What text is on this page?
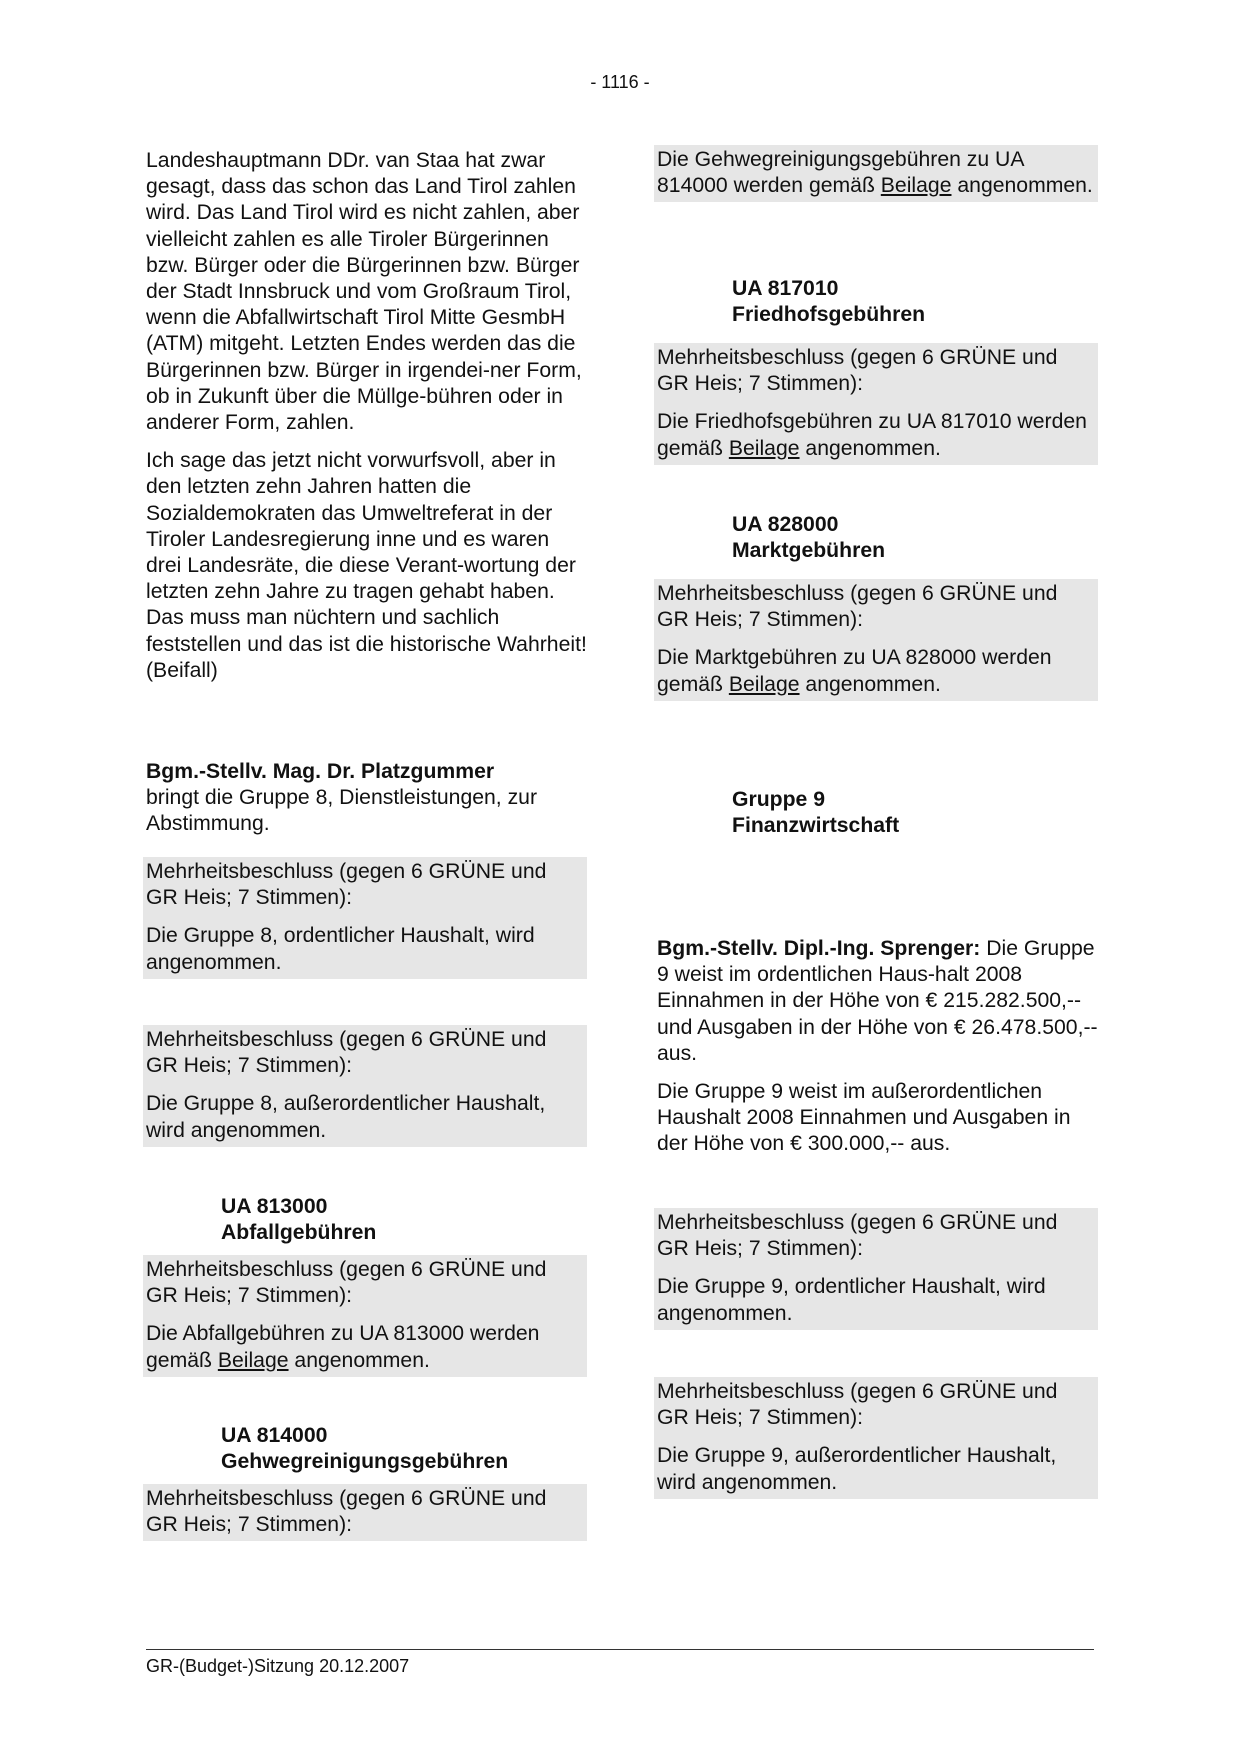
- 1116 -

Landeshauptmann DDr. van Staa hat zwar gesagt, dass das schon das Land Tirol zahlen wird. Das Land Tirol wird es nicht zahlen, aber vielleicht zahlen es alle Tiroler Bürgerinnen bzw. Bürger oder die Bürgerinnen bzw. Bürger der Stadt Innsbruck und vom Großraum Tirol, wenn die Abfallwirtschaft Tirol Mitte GesmbH (ATM) mitgeht. Letzten Endes werden das die Bürgerinnen bzw. Bürger in irgendei-ner Form, ob in Zukunft über die Müllge-bühren oder in anderer Form, zahlen.

Ich sage das jetzt nicht vorwurfsvoll, aber in den letzten zehn Jahren hatten die Sozialdemokraten das Umweltreferat in der Tiroler Landesregierung inne und es waren drei Landesräte, die diese Verant-wortung der letzten zehn Jahre zu tragen gehabt haben. Das muss man nüchtern und sachlich feststellen und das ist die historische Wahrheit! (Beifall)

Bgm.-Stellv. Mag. Dr. Platzgummer
bringt die Gruppe 8, Dienstleistungen, zur Abstimmung.

Mehrheitsbeschluss (gegen 6 GRÜNE und GR Heis; 7 Stimmen):

Die Gruppe 8, ordentlicher Haushalt, wird angenommen.

Mehrheitsbeschluss (gegen 6 GRÜNE und GR Heis; 7 Stimmen):

Die Gruppe 8, außerordentlicher Haushalt, wird angenommen.

UA 813000
Abfallgebühren

Mehrheitsbeschluss (gegen 6 GRÜNE und GR Heis; 7 Stimmen):

Die Abfallgebühren zu UA 813000 werden gemäß Beilage angenommen.

UA 814000
Gehwegreinigungsgebühren

Mehrheitsbeschluss (gegen 6 GRÜNE und GR Heis; 7 Stimmen):

Die Gehwegreinigungsgebühren zu UA 814000 werden gemäß Beilage angenommen.

UA 817010
Friedhofsgebühren

Mehrheitsbeschluss (gegen 6 GRÜNE und GR Heis; 7 Stimmen):

Die Friedhofsgebühren zu UA 817010 werden gemäß Beilage angenommen.

UA 828000
Marktgebühren

Mehrheitsbeschluss (gegen 6 GRÜNE und GR Heis; 7 Stimmen):

Die Marktgebühren zu UA 828000 werden gemäß Beilage angenommen.

Gruppe 9
Finanzwirtschaft

Bgm.-Stellv. Dipl.-Ing. Sprenger: Die Gruppe 9 weist im ordentlichen Haus-halt 2008 Einnahmen in der Höhe von € 215.282.500,-- und Ausgaben in der Höhe von € 26.478.500,-- aus.

Die Gruppe 9 weist im außerordentlichen Haushalt 2008 Einnahmen und Ausgaben in der Höhe von € 300.000,-- aus.

Mehrheitsbeschluss (gegen 6 GRÜNE und GR Heis; 7 Stimmen):

Die Gruppe 9, ordentlicher Haushalt, wird angenommen.

Mehrheitsbeschluss (gegen 6 GRÜNE und GR Heis; 7 Stimmen):

Die Gruppe 9, außerordentlicher Haushalt, wird angenommen.

GR-(Budget-)Sitzung 20.12.2007
